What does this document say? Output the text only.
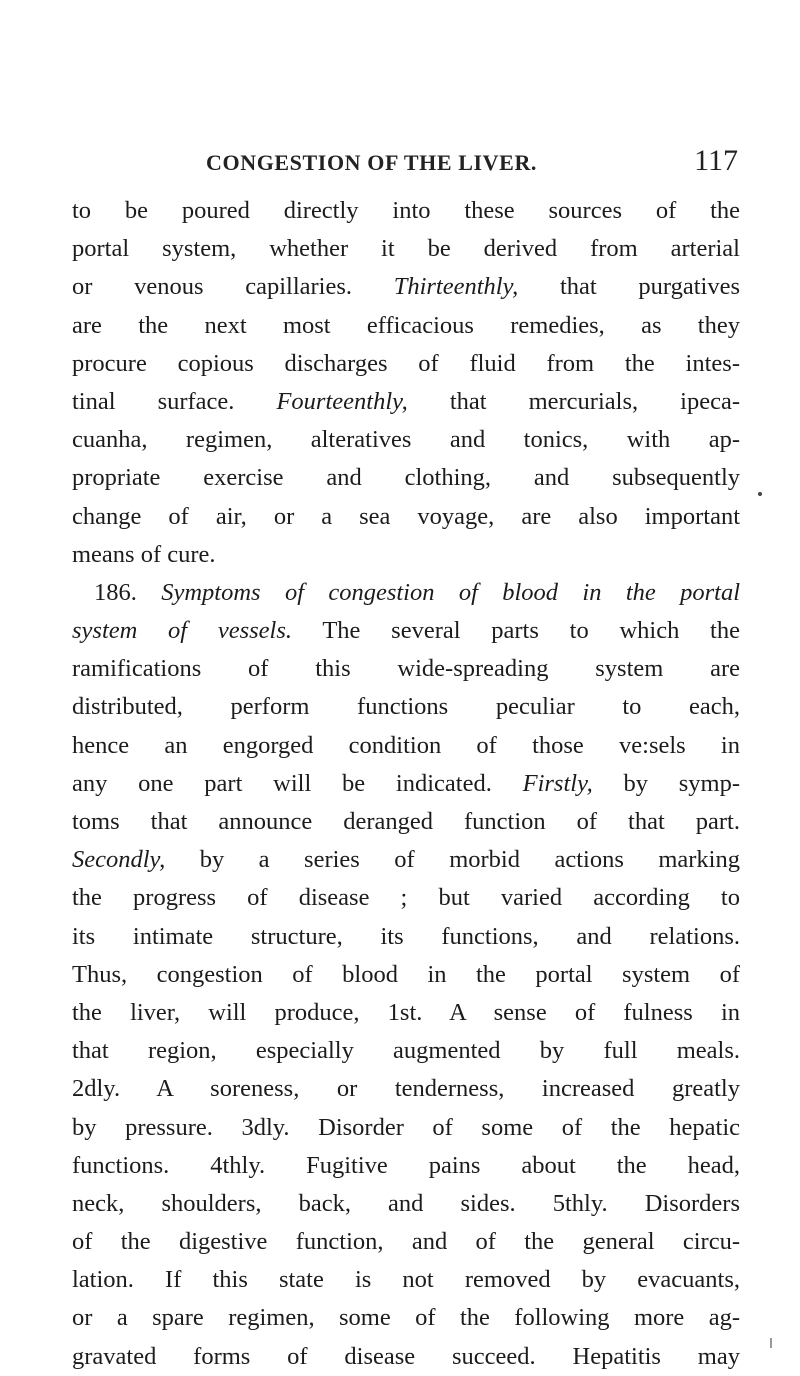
CONGESTION OF THE LIVER.	117
to be poured directly into these sources of the
portal system, whether it be derived from arterial
or venous capillaries. Thirteenthly, that purgatives
are the next most efficacious remedies, as they
procure copious discharges of fluid from the intes-
tinal surface. Fourteenthly, that mercurials, ipeca-
cuanha, regimen, alteratives and tonics, with ap-
propriate exercise and clothing, and subsequently
change of air, or a sea voyage, are also important
means of cure.
186. Symptoms of congestion of blood in the portal
system of vessels. The several parts to which the
ramifications of this wide-spreading system are
distributed, perform functions peculiar to each,
hence an engorged condition of those ve:sels in
any one part will be indicated. Firstly, by symp-
toms that announce deranged function of that part.
Secondly, by a series of morbid actions marking
the progress of disease ; but varied according to
its intimate structure, its functions, and relations.
Thus, congestion of blood in the portal system of
the liver, will produce, 1st. A sense of fulness in
that region, especially augmented by full meals.
2dly. A soreness, or tenderness, increased greatly
by pressure. 3dly. Disorder of some of the hepatic
functions. 4thly. Fugitive pains about the head,
neck, shoulders, back, and sides. 5thly. Disorders
of the digestive function, and of the general circu-
lation. If this state is not removed by evacuants,
or a spare regimen, some of the following more ag-
gravated forms of disease succeed. Hepatitis may
